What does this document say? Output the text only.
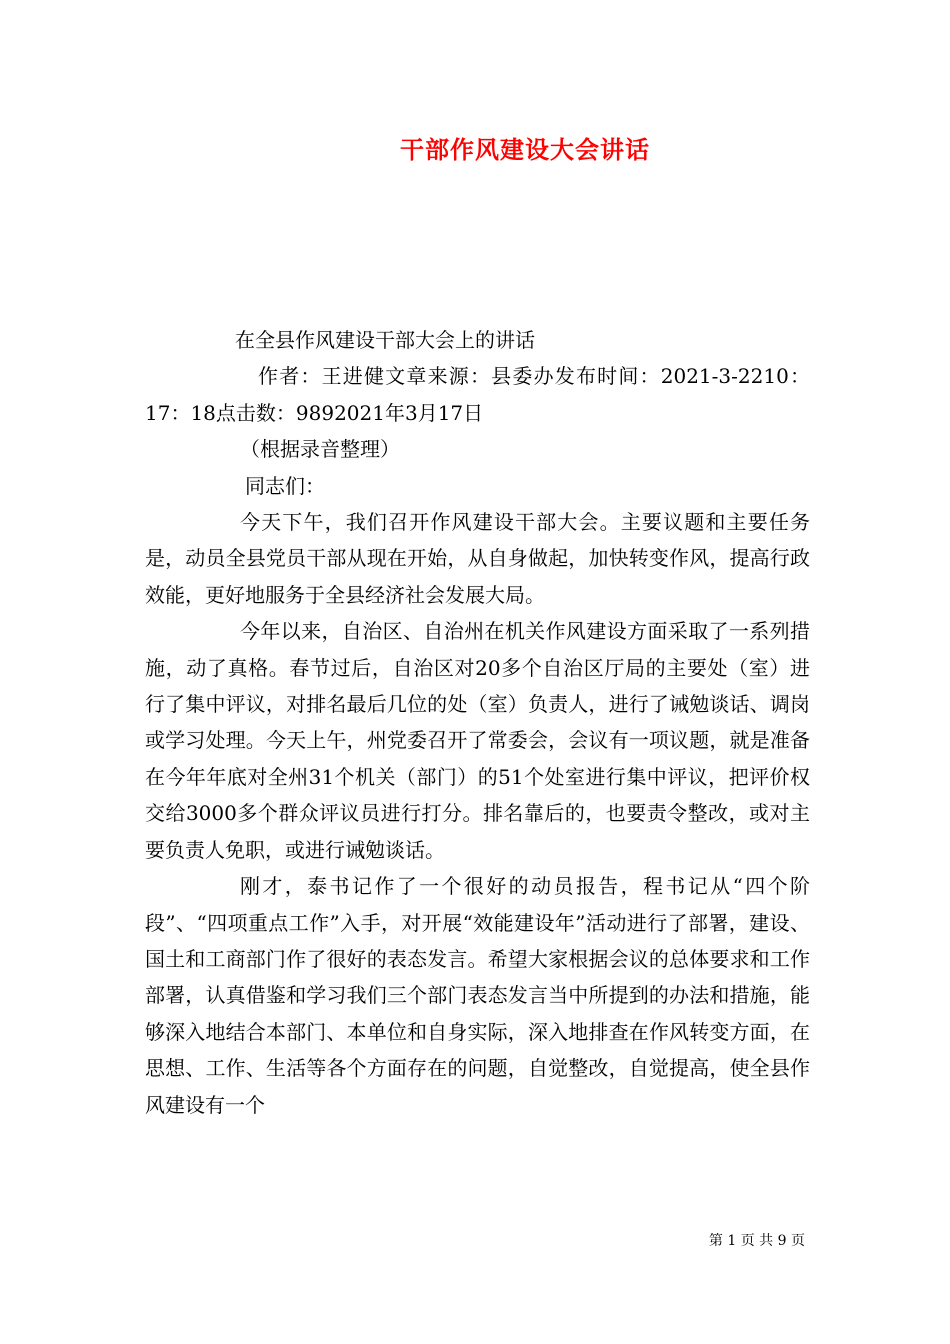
干部作风建设大会讲话

在全县作风建设干部大会上的讲话

作者：王进健文章来源：县委办发布时间：2021-3-2210：17：18点击数：9892021年3月17日

（根据录音整理）

同志们：

今天下午，我们召开作风建设干部大会。主要议题和主要任务是，动员全县党员干部从现在开始，从自身做起，加快转变作风，提高行政效能，更好地服务于全县经济社会发展大局。

今年以来，自治区、自治州在机关作风建设方面采取了一系列措施，动了真格。春节过后，自治区对20多个自治区厅局的主要处（室）进行了集中评议，对排名最后几位的处（室）负责人，进行了诫勉谈话、调岗或学习处理。今天上午，州党委召开了常委会，会议有一项议题，就是准备在今年年底对全州31个机关（部门）的51个处室进行集中评议，把评价权交给3000多个群众评议员进行打分。排名靠后的，也要责令整改，或对主要负责人免职，或进行诫勉谈话。

刚才，泰书记作了一个很好的动员报告，程书记从“四个阶段”、“四项重点工作”入手，对开展“效能建设年”活动进行了部署，建设、国土和工商部门作了很好的表态发言。希望大家根据会议的总体要求和工作部署，认真借鉴和学习我们三个部门表态发言当中所提到的办法和措施，能够深入地结合本部门、本单位和自身实际，深入地排查在作风转变方面，在思想、工作、生活等各个方面存在的问题，自觉整改，自觉提高，使全县作风建设有一个

第 1 页 共 9 页
